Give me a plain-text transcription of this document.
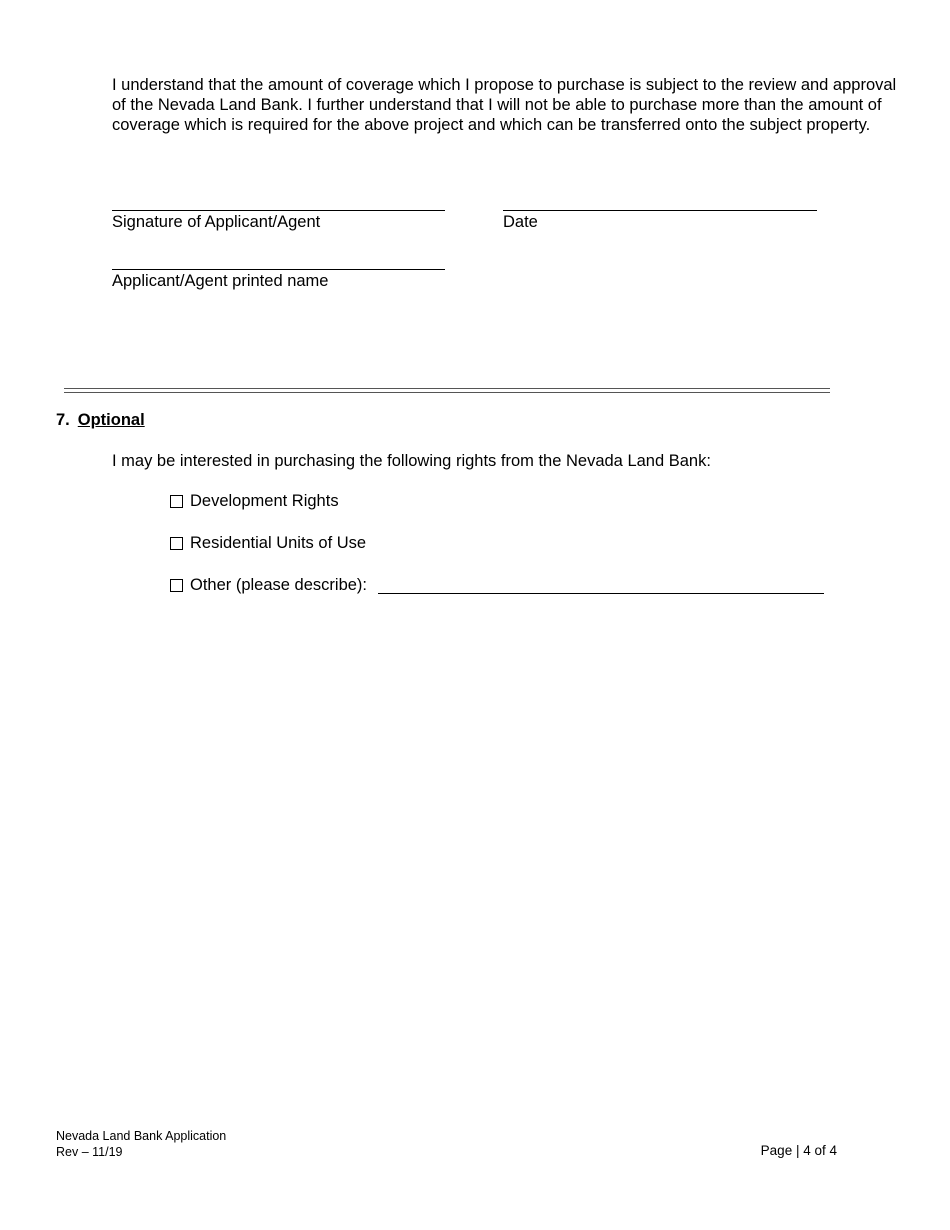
I understand that the amount of coverage which I propose to purchase is subject to the review and approval of the Nevada Land Bank. I further understand that I will not be able to purchase more than the amount of coverage which is required for the above project and which can be transferred onto the subject property.
Signature of Applicant/Agent	Date
Applicant/Agent printed name
7. Optional
I may be interested in purchasing the following rights from the Nevada Land Bank:
Development Rights
Residential Units of Use
Other (please describe):
Nevada Land Bank Application
Rev – 11/19	Page | 4 of 4
